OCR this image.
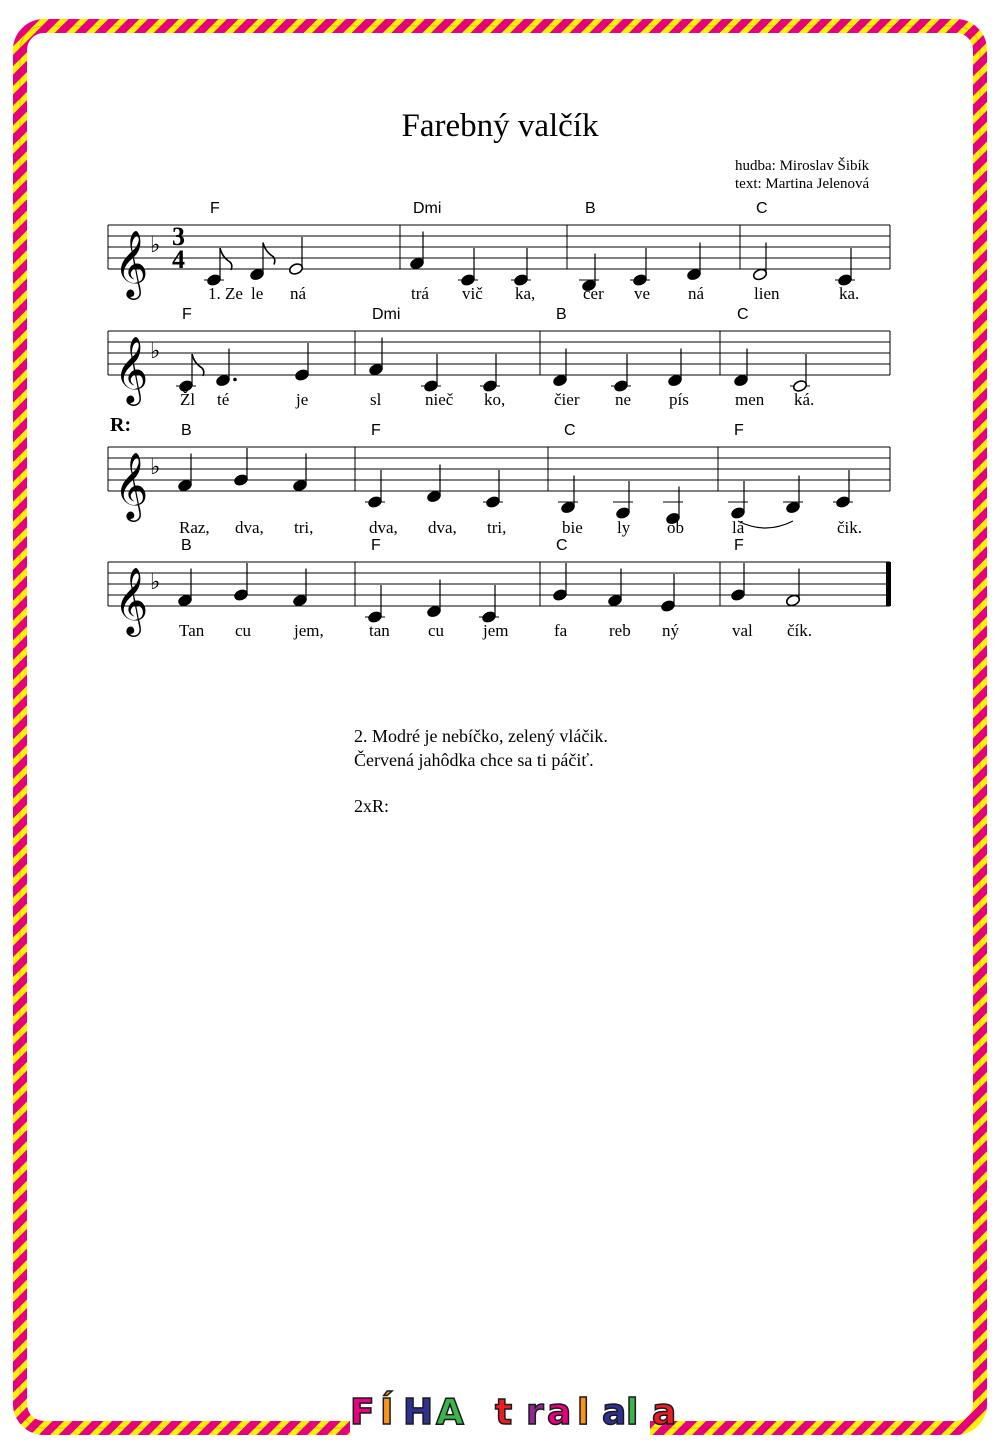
Farebný valčík
hudba: Miroslav Šibík
text: Martina Jelenová
𝄞 ♭ 3
4
F
1. Ze le ná
Dmi
trá vič ka,
B
čer ve ná
C
lien	ka.
𝄞 ♭
F
Žl té	je
Dmi
sl	nieč ko,
B
čier ne pís
C
men ká.
𝄞 ♭
R:	B
Raz, dva, tri,
F
dva, dva, tri,
C
bie ly ob
F
lá	čik.
𝄞 ♭
B
Tan cu	jem,
F
tan cu jem
C
fa reb ný
F
val čík.
2. Modré je nebíčko, zelený vláčik.
Červená jahôdka chce sa ti páčiť.
2xR:
F Í H A t r a l a l a
